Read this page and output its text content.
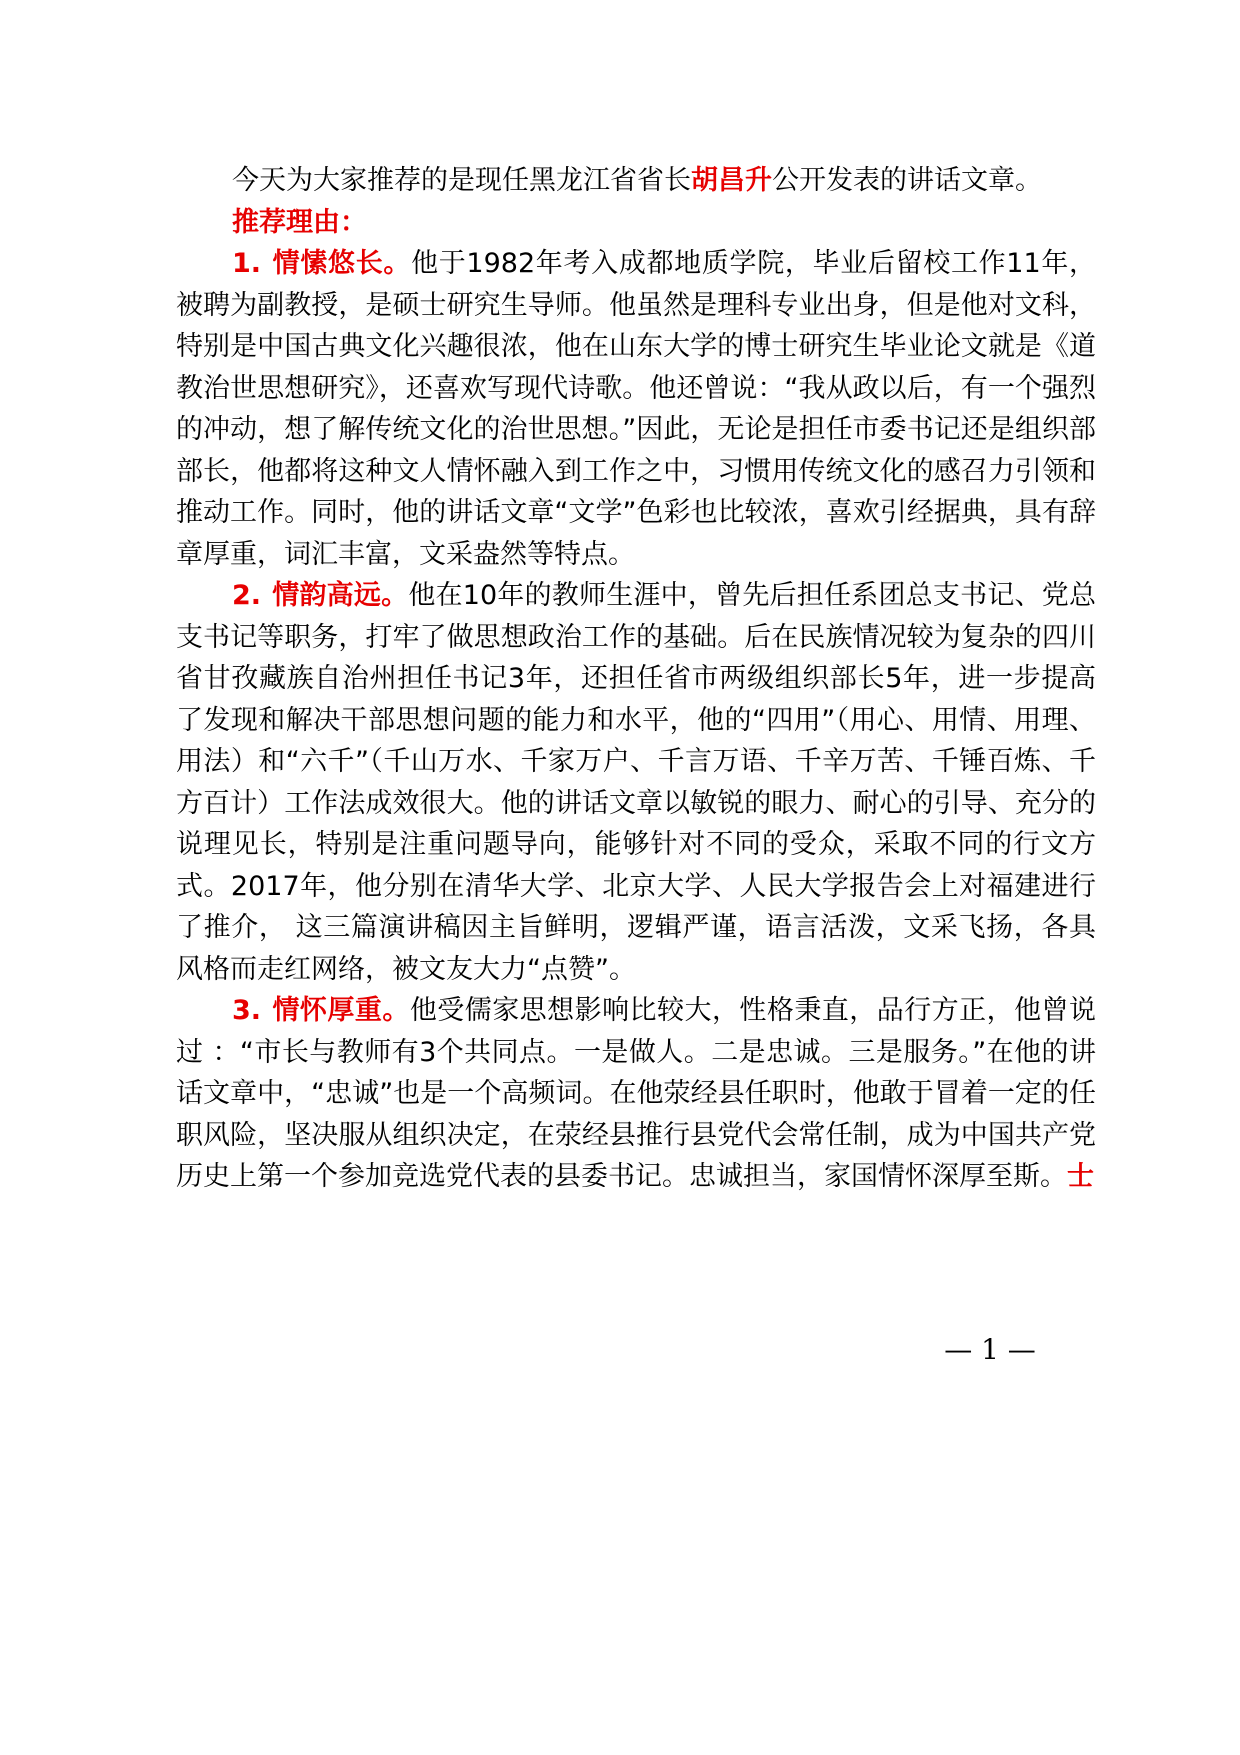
今天为大家推荐的是现任黑龙江省省长胡昌升公开发表的讲话文章。

推荐理由：

1. 情愫悠长。他于1982年考入成都地质学院，毕业后留校工作11年，被聘为副教授，是硕士研究生导师。他虽然是理科专业出身，但是他对文科，特别是中国古典文化兴趣很浓，他在山东大学的博士研究生毕业论文就是《道教治世思想研究》，还喜欢写现代诗歌。他还曾说：“我从政以后，有一个强烈的冲动，想了解传统文化的治世思想。”因此，无论是担任市委书记还是组织部部长，他都将这种文人情怀融入到工作之中，习惯用传统文化的感召力引领和推动工作。同时，他的讲话文章“文学”色彩也比较浓，喜欢引经据典，具有辞章厚重，词汇丰富，文采盎然等特点。

2. 情韵高远。他在10年的教师生涯中，曾先后担任系团总支书记、党总支书记等职务，打牢了做思想政治工作的基础。后在民族情况较为复杂的四川省甘孜藏族自治州担任书记3年，还担任省市两级组织部长5年，进一步提高了发现和解决干部思想问题的能力和水平，他的“四用”（用心、用情、用理、用法）和“六千”（千山万水、千家万户、千言万语、千辛万苦、千锤百炼、千方百计）工作法成效很大。他的讲话文章以敏锐的眼力、耐心的引导、充分的说理见长，特别是注重问题导向，能够针对不同的受众，采取不同的行文方式。2017年，他分别在清华大学、北京大学、人民大学报告会上对福建进行了推介， 这三篇演讲稿因主旨鲜明，逻辑严谨，语言活泼，文采飞扬，各具风格而走红网络，被文友大力“点赞”。

3. 情怀厚重。他受儒家思想影响比较大，性格秉直，品行方正，他曾说过 ：“市长与教师有3个共同点。一是做人。二是忠诚。三是服务。”在他的讲话文章中，“忠诚”也是一个高频词。在他荥经县任职时，他敢于冒着一定的任职风险，坚决服从组织决定，在荥经县推行县党代会常任制，成为中国共产党历史上第一个参加竞选党代表的县委书记。忠诚担当，家国情怀深厚至斯。士

— 1 —
